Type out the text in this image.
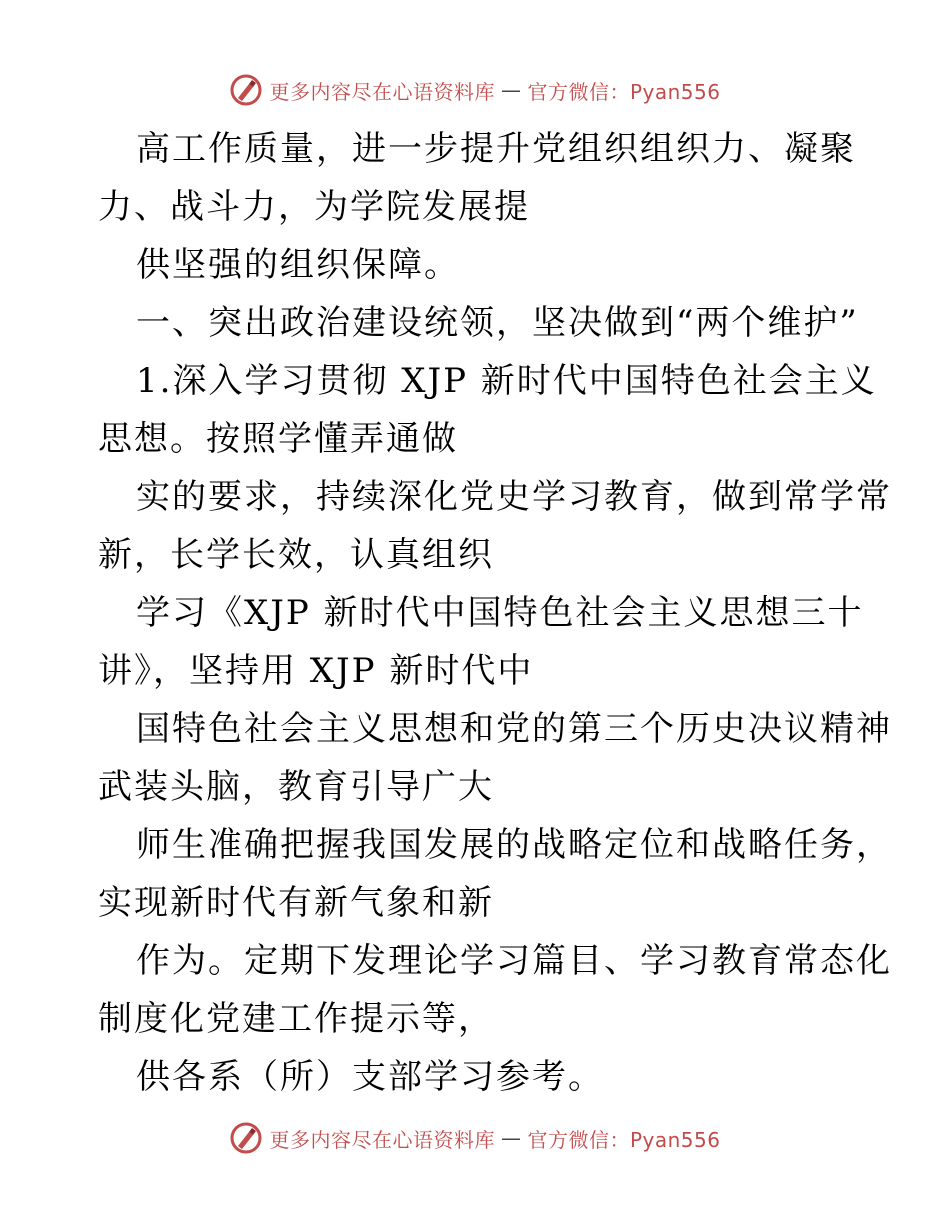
更多内容尽在心语资料库 — 官方微信：Pyan556
高工作质量，进一步提升党组织组织力、凝聚
力、战斗力，为学院发展提
供坚强的组织保障。
一、突出政治建设统领，坚决做到“两个维护”
1.深入学习贯彻 XJP 新时代中国特色社会主义
思想。按照学懂弄通做
实的要求，持续深化党史学习教育，做到常学常
新，长学长效，认真组织
学习《XJP 新时代中国特色社会主义思想三十
讲》，坚持用 XJP 新时代中
国特色社会主义思想和党的第三个历史决议精神
武装头脑，教育引导广大
师生准确把握我国发展的战略定位和战略任务，
实现新时代有新气象和新
作为。定期下发理论学习篇目、学习教育常态化
制度化党建工作提示等，
供各系（所）支部学习参考。
更多内容尽在心语资料库 — 官方微信：Pyan556
